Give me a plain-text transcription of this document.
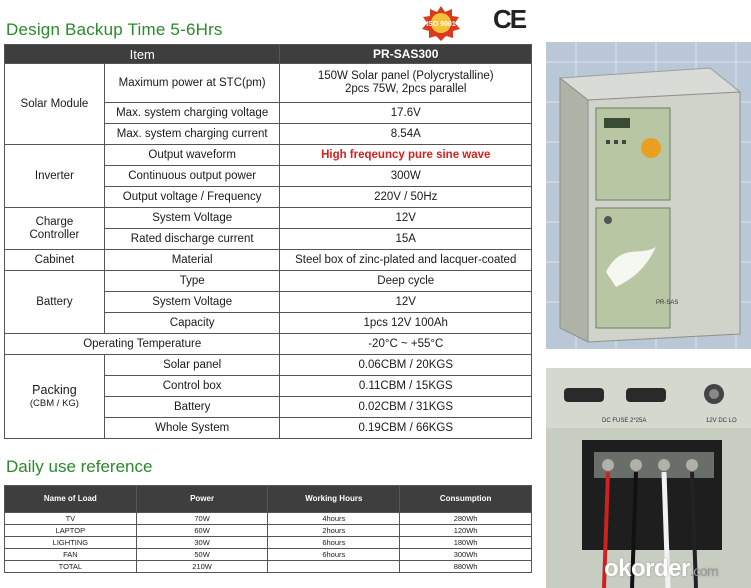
Design Backup Time 5-6Hrs	ISO 9001 CE
Item		PR-SAS300
Solar Module	Maximum power at STC(pm)	150W Solar panel (Polycrystalline)
2pcs 75W, 2pcs parallel

	Max. system charging voltage	17.6V
	Max. system charging current	8.54A
Inverter	Output waveform	High freqeuncy pure sine wave
	Continuous output power	300W
	Output voltage / Frequency	220V / 50Hz

Charge
Controller	System Voltage	12V
	Rated discharge current	15A
Cabinet	Material	Steel box of zinc-plated and lacquer-coated
Battery	Type	Deep cycle
	System Voltage	12V
	Capacity	1pcs 12V 100Ah
Operating Temperature		-20°C ~ +55°C

Packing
(CBM / KG)	Solar panel	0.06CBM / 20KGS
	Control box	0.11CBM / 15KGS
	Battery	0.02CBM / 31KGS
	Whole System	0.19CBM / 66KGS
Daily use reference
Name of Load	Power	Working Hours	Consumption
TV	70W	4hours	280Wh
LAPTOP	60W	2hours	120Wh
LIGHTING	30W	6hours	180Wh
FAN	50W	6hours	300Wh
TOTAL	210W		880Wh
PR-SAS
DC FUSE 2*25A	12V DC LO
okorder.com
